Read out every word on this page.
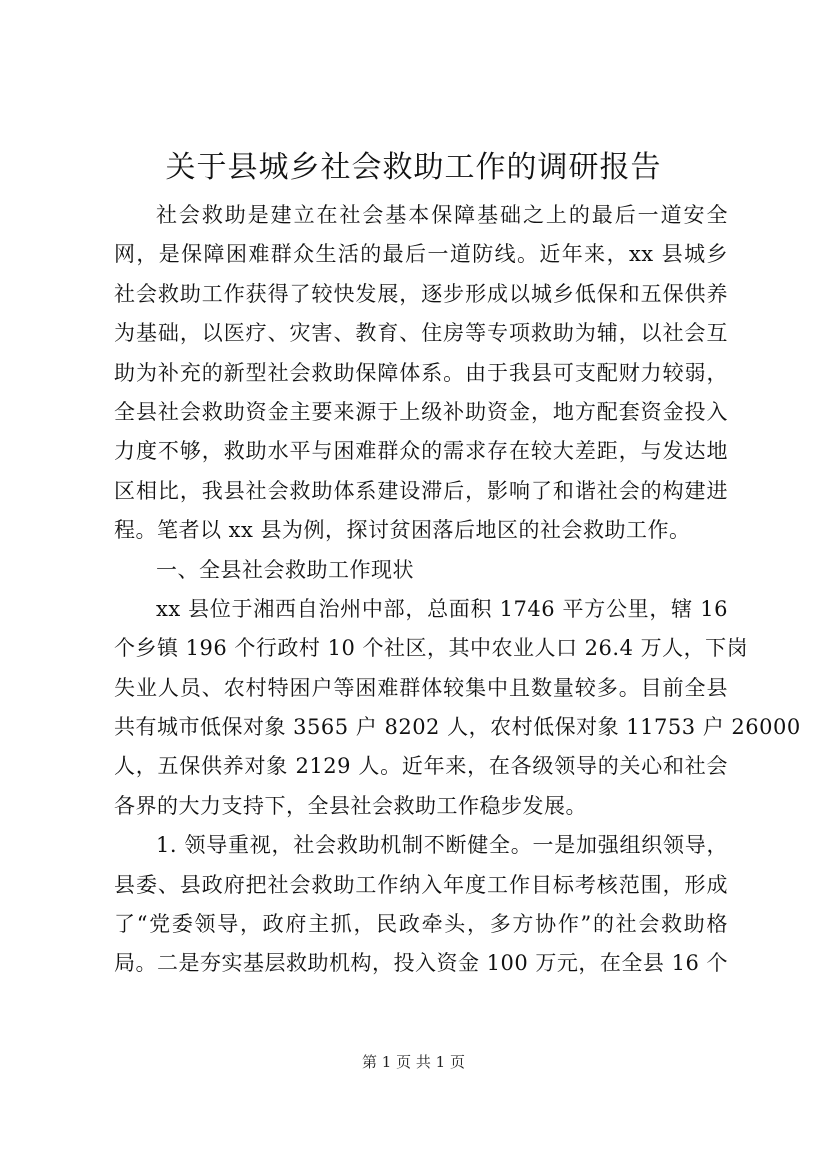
关于县城乡社会救助工作的调研报告
社会救助是建立在社会基本保障基础之上的最后一道安全
网，是保障困难群众生活的最后一道防线。近年来，xx 县城乡
社会救助工作获得了较快发展，逐步形成以城乡低保和五保供养
为基础，以医疗、灾害、教育、住房等专项救助为辅，以社会互
助为补充的新型社会救助保障体系。由于我县可支配财力较弱，
全县社会救助资金主要来源于上级补助资金，地方配套资金投入
力度不够，救助水平与困难群众的需求存在较大差距，与发达地
区相比，我县社会救助体系建设滞后，影响了和谐社会的构建进
程。笔者以 xx 县为例，探讨贫困落后地区的社会救助工作。
一、全县社会救助工作现状
xx 县位于湘西自治州中部，总面积 1746 平方公里，辖 16
个乡镇 196 个行政村 10 个社区，其中农业人口 26.4 万人，下岗
失业人员、农村特困户等困难群体较集中且数量较多。目前全县
共有城市低保对象 3565 户 8202 人，农村低保对象 11753 户 26000
人，五保供养对象 2129 人。近年来，在各级领导的关心和社会
各界的大力支持下，全县社会救助工作稳步发展。
1. 领导重视，社会救助机制不断健全。一是加强组织领导，
县委、县政府把社会救助工作纳入年度工作目标考核范围，形成
了“党委领导，政府主抓，民政牵头，多方协作”的社会救助格
局。二是夯实基层救助机构，投入资金 100 万元，在全县 16 个
第 1 页 共 1 页
